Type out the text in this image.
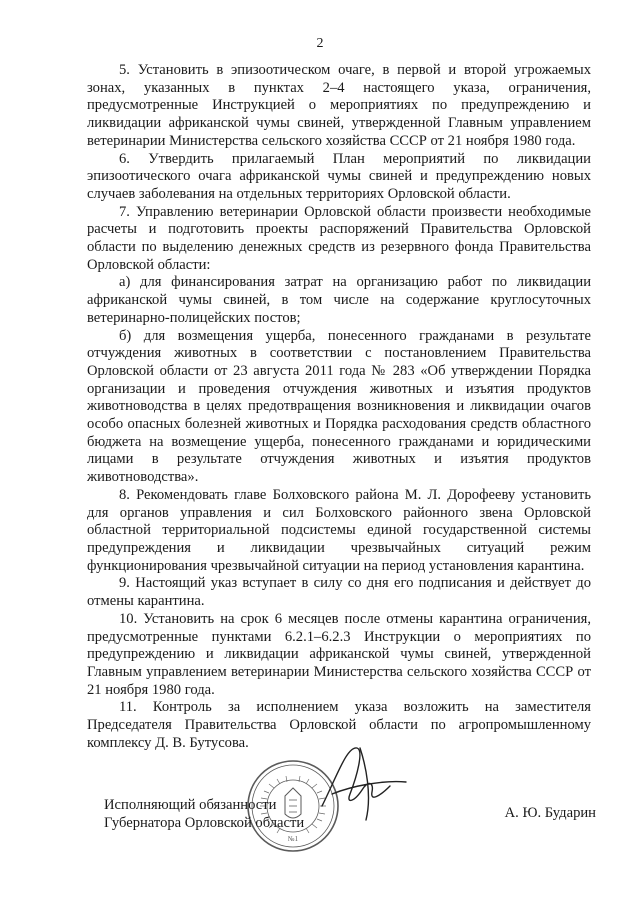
2

5. Установить в эпизоотическом очаге, в первой и второй угрожаемых зонах, указанных в пунктах 2–4 настоящего указа, ограничения, предусмотренные Инструкцией о мероприятиях по предупреждению и ликвидации африканской чумы свиней, утвержденной Главным управлением ветеринарии Министерства сельского хозяйства СССР от 21 ноября 1980 года.

6. Утвердить прилагаемый План мероприятий по ликвидации эпизоотического очага африканской чумы свиней и предупреждению новых случаев заболевания на отдельных территориях Орловской области.

7. Управлению ветеринарии Орловской области произвести необходимые расчеты и подготовить проекты распоряжений Правительства Орловской области по выделению денежных средств из резервного фонда Правительства Орловской области:

а) для финансирования затрат на организацию работ по ликвидации африканской чумы свиней, в том числе на содержание круглосуточных ветеринарно-полицейских постов;

б) для возмещения ущерба, понесенного гражданами в результате отчуждения животных в соответствии с постановлением Правительства Орловской области от 23 августа 2011 года № 283 «Об утверждении Порядка организации и проведения отчуждения животных и изъятия продуктов животноводства в целях предотвращения возникновения и ликвидации очагов особо опасных болезней животных и Порядка расходования средств областного бюджета на возмещение ущерба, понесенного гражданами и юридическими лицами в результате отчуждения животных и изъятия продуктов животноводства».

8. Рекомендовать главе Болховского района М. Л. Дорофееву установить для органов управления и сил Болховского районного звена Орловской областной территориальной подсистемы единой государственной системы предупреждения и ликвидации чрезвычайных ситуаций режим функционирования чрезвычайной ситуации на период установления карантина.

9. Настоящий указ вступает в силу со дня его подписания и действует до отмены карантина.

10. Установить на срок 6 месяцев после отмены карантина ограничения, предусмотренные пунктами 6.2.1–6.2.3 Инструкции о мероприятиях по предупреждению и ликвидации африканской чумы свиней, утвержденной Главным управлением ветеринарии Министерства сельского хозяйства СССР от 21 ноября 1980 года.

11. Контроль за исполнением указа возложить на заместителя Председателя Правительства Орловской области по агропромышленному комплексу Д. В. Бутусова.

№1
Исполняющий обязанности
Губернатора Орловской области
А. Ю. Бударин
